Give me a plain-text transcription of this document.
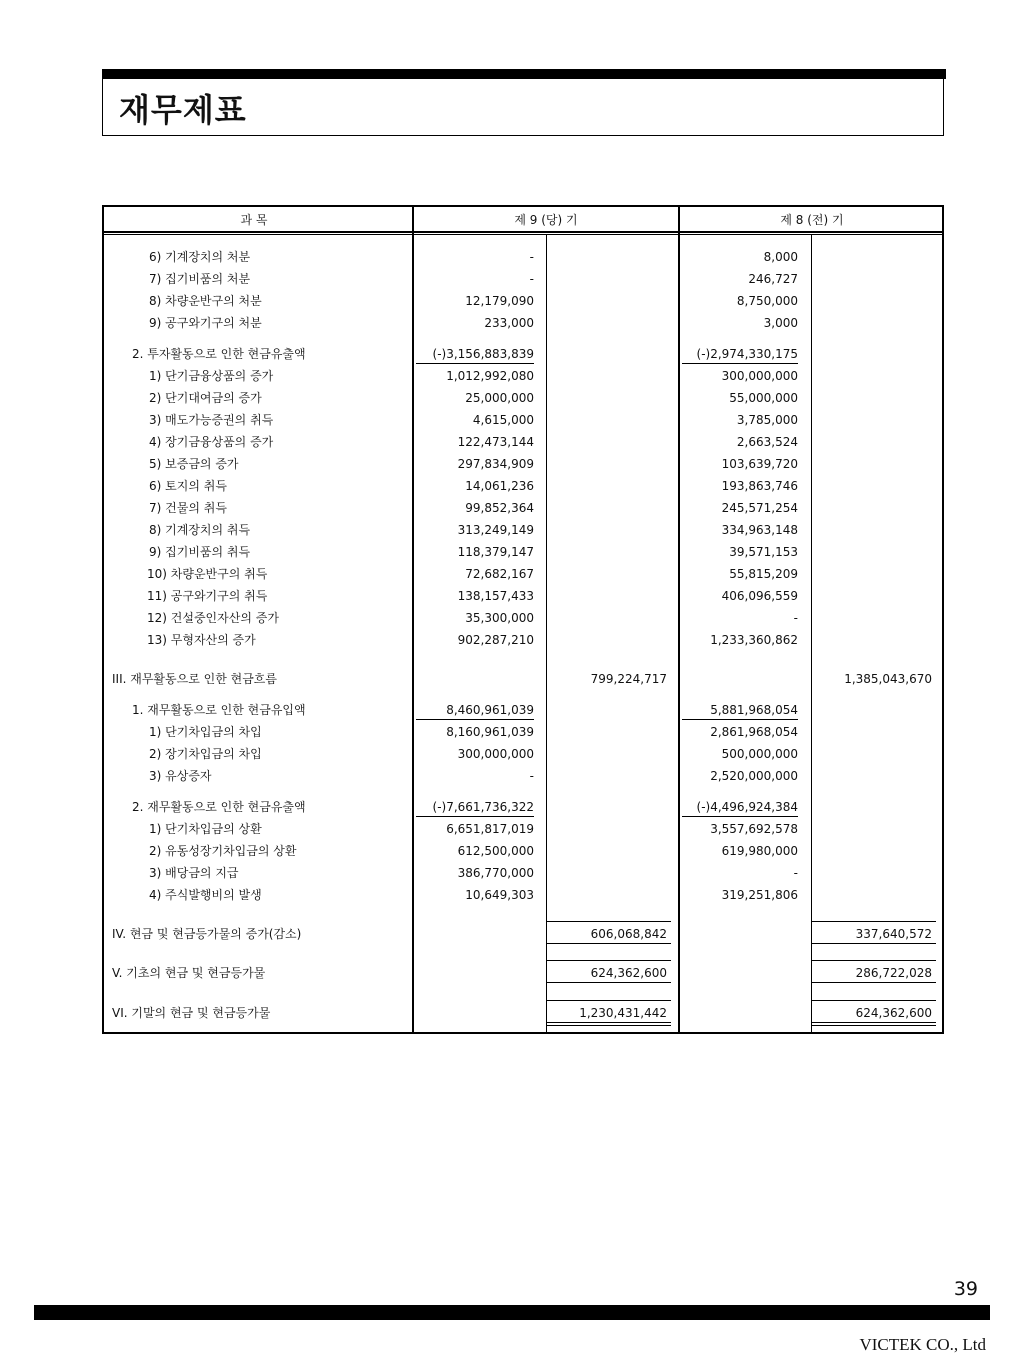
재무제표
과 목	제 9 (당) 기	제 8 (전) 기
6) 기계장치의 처분	-	8,000
7) 집기비품의 처분	-	246,727
8) 차량운반구의 처분	12,179,090	8,750,000
9) 공구와기구의 처분	233,000	3,000
2. 투자활동으로 인한 현금유출액	(-)3,156,883,839	(-)2,974,330,175
1) 단기금융상품의 증가	1,012,992,080	300,000,000
2) 단기대여금의 증가	25,000,000	55,000,000
3) 매도가능증권의 취득	4,615,000	3,785,000
4) 장기금융상품의 증가	122,473,144	2,663,524
5) 보증금의 증가	297,834,909	103,639,720
6) 토지의 취득	14,061,236	193,863,746
7) 건물의 취득	99,852,364	245,571,254
8) 기계장치의 취득	313,249,149	334,963,148
9) 집기비품의 취득	118,379,147	39,571,153
10) 차량운반구의 취득	72,682,167	55,815,209
11) 공구와기구의 취득	138,157,433	406,096,559
12) 건설중인자산의 증가	35,300,000	-
13) 무형자산의 증가	902,287,210	1,233,360,862
III. 재무활동으로 인한 현금흐름	799,224,717	1,385,043,670
1. 재무활동으로 인한 현금유입액	8,460,961,039	5,881,968,054
1) 단기차입금의 차입	8,160,961,039	2,861,968,054
2) 장기차입금의 차입	300,000,000	500,000,000
3) 유상증자	-	2,520,000,000
2. 재무활동으로 인한 현금유출액	(-)7,661,736,322	(-)4,496,924,384
1) 단기차입금의 상환	6,651,817,019	3,557,692,578
2) 유동성장기차입금의 상환	612,500,000	619,980,000
3) 배당금의 지급	386,770,000	-
4) 주식발행비의 발생	10,649,303	319,251,806
IV. 현금 및 현금등가물의 증가(감소)	606,068,842	337,640,572
V. 기초의 현금 및 현금등가물	624,362,600	286,722,028
VI. 기말의 현금 및 현금등가물	1,230,431,442	624,362,600
39
VICTEK CO., Ltd
